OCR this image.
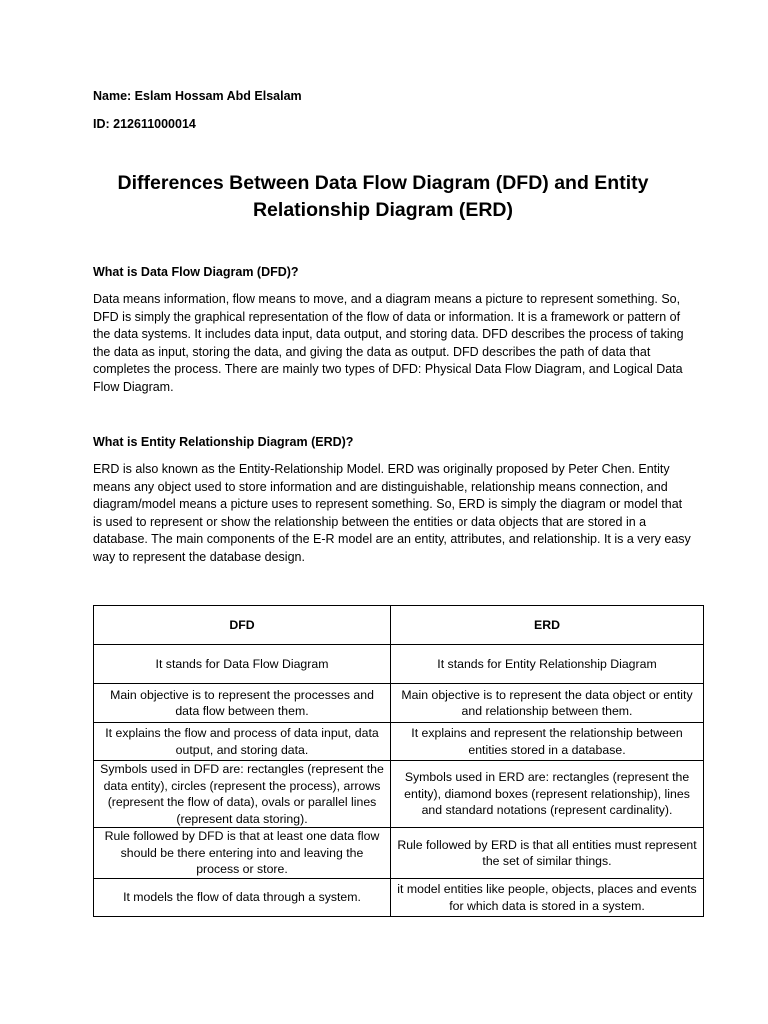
Name: Eslam Hossam Abd Elsalam
ID: 212611000014
Differences Between Data Flow Diagram (DFD) and Entity Relationship Diagram (ERD)
What is Data Flow Diagram (DFD)?

Data means information, flow means to move, and a diagram means a picture to represent something. So, DFD is simply the graphical representation of the flow of data or information. It is a framework or pattern of the data systems. It includes data input, data output, and storing data. DFD describes the process of taking the data as input, storing the data, and giving the data as output. DFD describes the path of data that completes the process. There are mainly two types of DFD: Physical Data Flow Diagram, and Logical Data Flow Diagram.

What is Entity Relationship Diagram (ERD)?

ERD is also known as the Entity-Relationship Model. ERD was originally proposed by Peter Chen. Entity means any object used to store information and are distinguishable, relationship means connection, and diagram/model means a picture uses to represent something. So, ERD is simply the diagram or model that is used to represent or show the relationship between the entities or data objects that are stored in a database. The main components of the E-R model are an entity, attributes, and relationship. It is a very easy way to represent the database design.

DFD	ERD
It stands for Data Flow Diagram	It stands for Entity Relationship Diagram
Main objective is to represent the processes and data flow between them.	Main objective is to represent the data object or entity and relationship between them.
It explains the flow and process of data input, data output, and storing data.	It explains and represent the relationship between entities stored in a database.
Symbols used in DFD are: rectangles (represent the data entity), circles (represent the process), arrows (represent the flow of data), ovals or parallel lines (represent data storing).	Symbols used in ERD are: rectangles (represent the entity), diamond boxes (represent relationship), lines and standard notations (represent cardinality).
Rule followed by DFD is that at least one data flow should be there entering into and leaving the process or store.	Rule followed by ERD is that all entities must represent the set of similar things.
It models the flow of data through a system.	it model entities like people, objects, places and events for which data is stored in a system.
